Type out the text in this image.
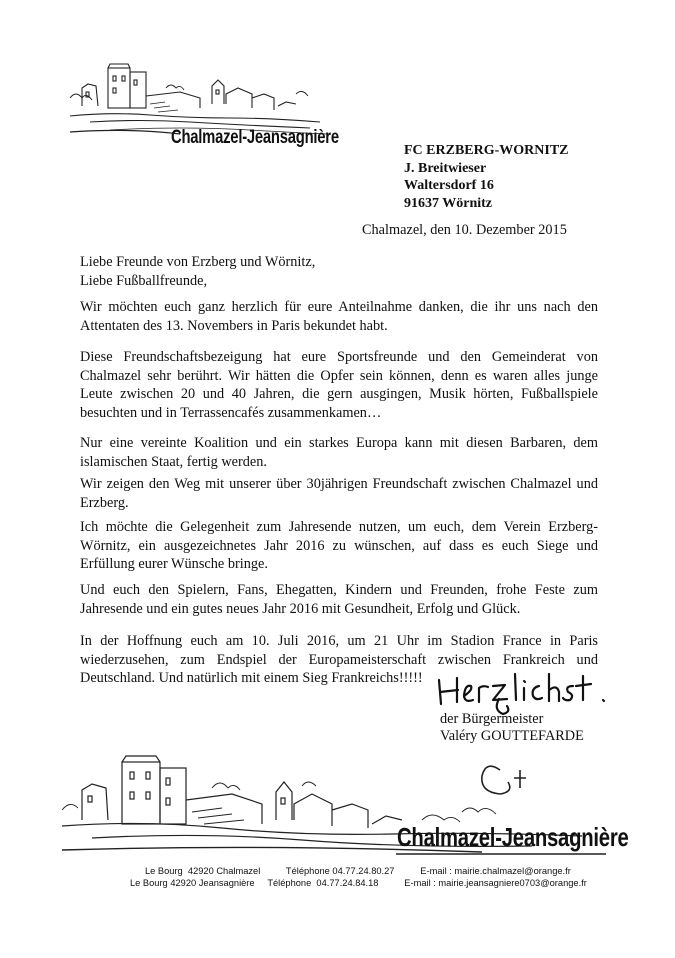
Chalmazel-Jeansagnière
FC ERZBERG-WORNITZ
J. Breitwieser
Waltersdorf 16
91637 Wörnitz
Chalmazel, den 10. Dezember 2015
Liebe Freunde von Erzberg und Wörnitz,
Liebe Fußballfreunde,

Wir möchten euch ganz herzlich für eure Anteilnahme danken, die ihr uns nach den Attentaten des 13. Novembers in Paris bekundet habt.

Diese Freundschaftsbezeigung hat eure Sportsfreunde und den Gemeinderat von Chalmazel sehr berührt. Wir hätten die Opfer sein können, denn es waren alles junge Leute zwischen 20 und 40 Jahren, die gern ausgingen, Musik hörten, Fußballspiele besuchten und in Terrassencafés zusammenkamen…

Nur eine vereinte Koalition und ein starkes Europa kann mit diesen Barbaren, dem islamischen Staat, fertig werden.

Wir zeigen den Weg mit unserer über 30jährigen Freundschaft zwischen Chalmazel und Erzberg.

Ich möchte die Gelegenheit zum Jahresende nutzen, um euch, dem Verein Erzberg-Wörnitz, ein ausgezeichnetes Jahr 2016 zu wünschen, auf dass es euch Siege und Erfüllung eurer Wünsche bringe.

Und euch den Spielern, Fans, Ehegatten, Kindern und Freunden, frohe Feste zum Jahresende und ein gutes neues Jahr 2016 mit Gesundheit, Erfolg und Glück.

In der Hoffnung euch am 10. Juli 2016, um 21 Uhr im Stadion France in Paris wiederzusehen, zum Endspiel der Europameisterschaft zwischen Frankreich und Deutschland. Und natürlich mit einem Sieg Frankreichs!!!!!

der Bürgermeister
Valéry GOUTTEFARDE
Chalmazel-Jeansagnière
Le Bourg  42920 Chalmazel          Téléphone 04.77.24.80.27          E-mail : mairie.chalmazel@orange.fr
Le Bourg 42920 Jeansagnière     Téléphone  04.77.24.84.18          E-mail : mairie.jeansagniere0703@orange.fr
